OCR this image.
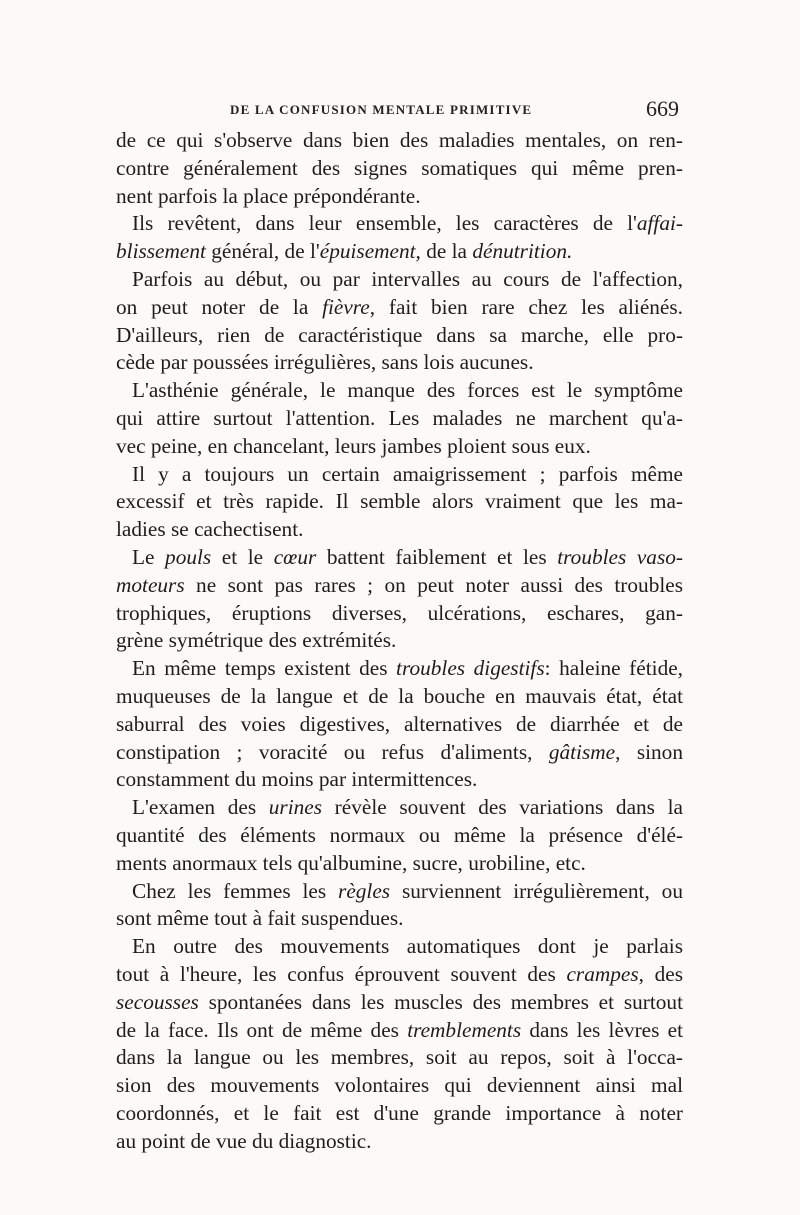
DE LA CONFUSION MENTALE PRIMITIVE	669
de ce qui s'observe dans bien des maladies mentales, on ren-
contre généralement des signes somatiques qui même pren-
nent parfois la place prépondérante.
Ils revêtent, dans leur ensemble, les caractères de l'affai-
blissement général, de l'épuisement, de la dénutrition.
Parfois au début, ou par intervalles au cours de l'affection,
on peut noter de la fièvre, fait bien rare chez les aliénés.
D'ailleurs, rien de caractéristique dans sa marche, elle pro-
cède par poussées irrégulières, sans lois aucunes.
L'asthénie générale, le manque des forces est le symptôme
qui attire surtout l'attention. Les malades ne marchent qu'a-
vec peine, en chancelant, leurs jambes ploient sous eux.
Il y a toujours un certain amaigrissement ; parfois même
excessif et très rapide. Il semble alors vraiment que les ma-
ladies se cachectisent.
Le pouls et le cœur battent faiblement et les troubles vaso-
moteurs ne sont pas rares ; on peut noter aussi des troubles
trophiques, éruptions diverses, ulcérations, eschares, gan-
grène symétrique des extrémités.
En même temps existent des troubles digestifs: haleine fétide,
muqueuses de la langue et de la bouche en mauvais état, état
saburral des voies digestives, alternatives de diarrhée et de
constipation ; voracité ou refus d'aliments, gâtisme, sinon
constamment du moins par intermittences.
L'examen des urines révèle souvent des variations dans la
quantité des éléments normaux ou même la présence d'élé-
ments anormaux tels qu'albumine, sucre, urobiline, etc.
Chez les femmes les règles surviennent irrégulièrement, ou
sont même tout à fait suspendues.
En outre des mouvements automatiques dont je parlais
tout à l'heure, les confus éprouvent souvent des crampes, des
secousses spontanées dans les muscles des membres et surtout
de la face. Ils ont de même des tremblements dans les lèvres et
dans la langue ou les membres, soit au repos, soit à l'occa-
sion des mouvements volontaires qui deviennent ainsi mal
coordonnés, et le fait est d'une grande importance à noter
au point de vue du diagnostic.
